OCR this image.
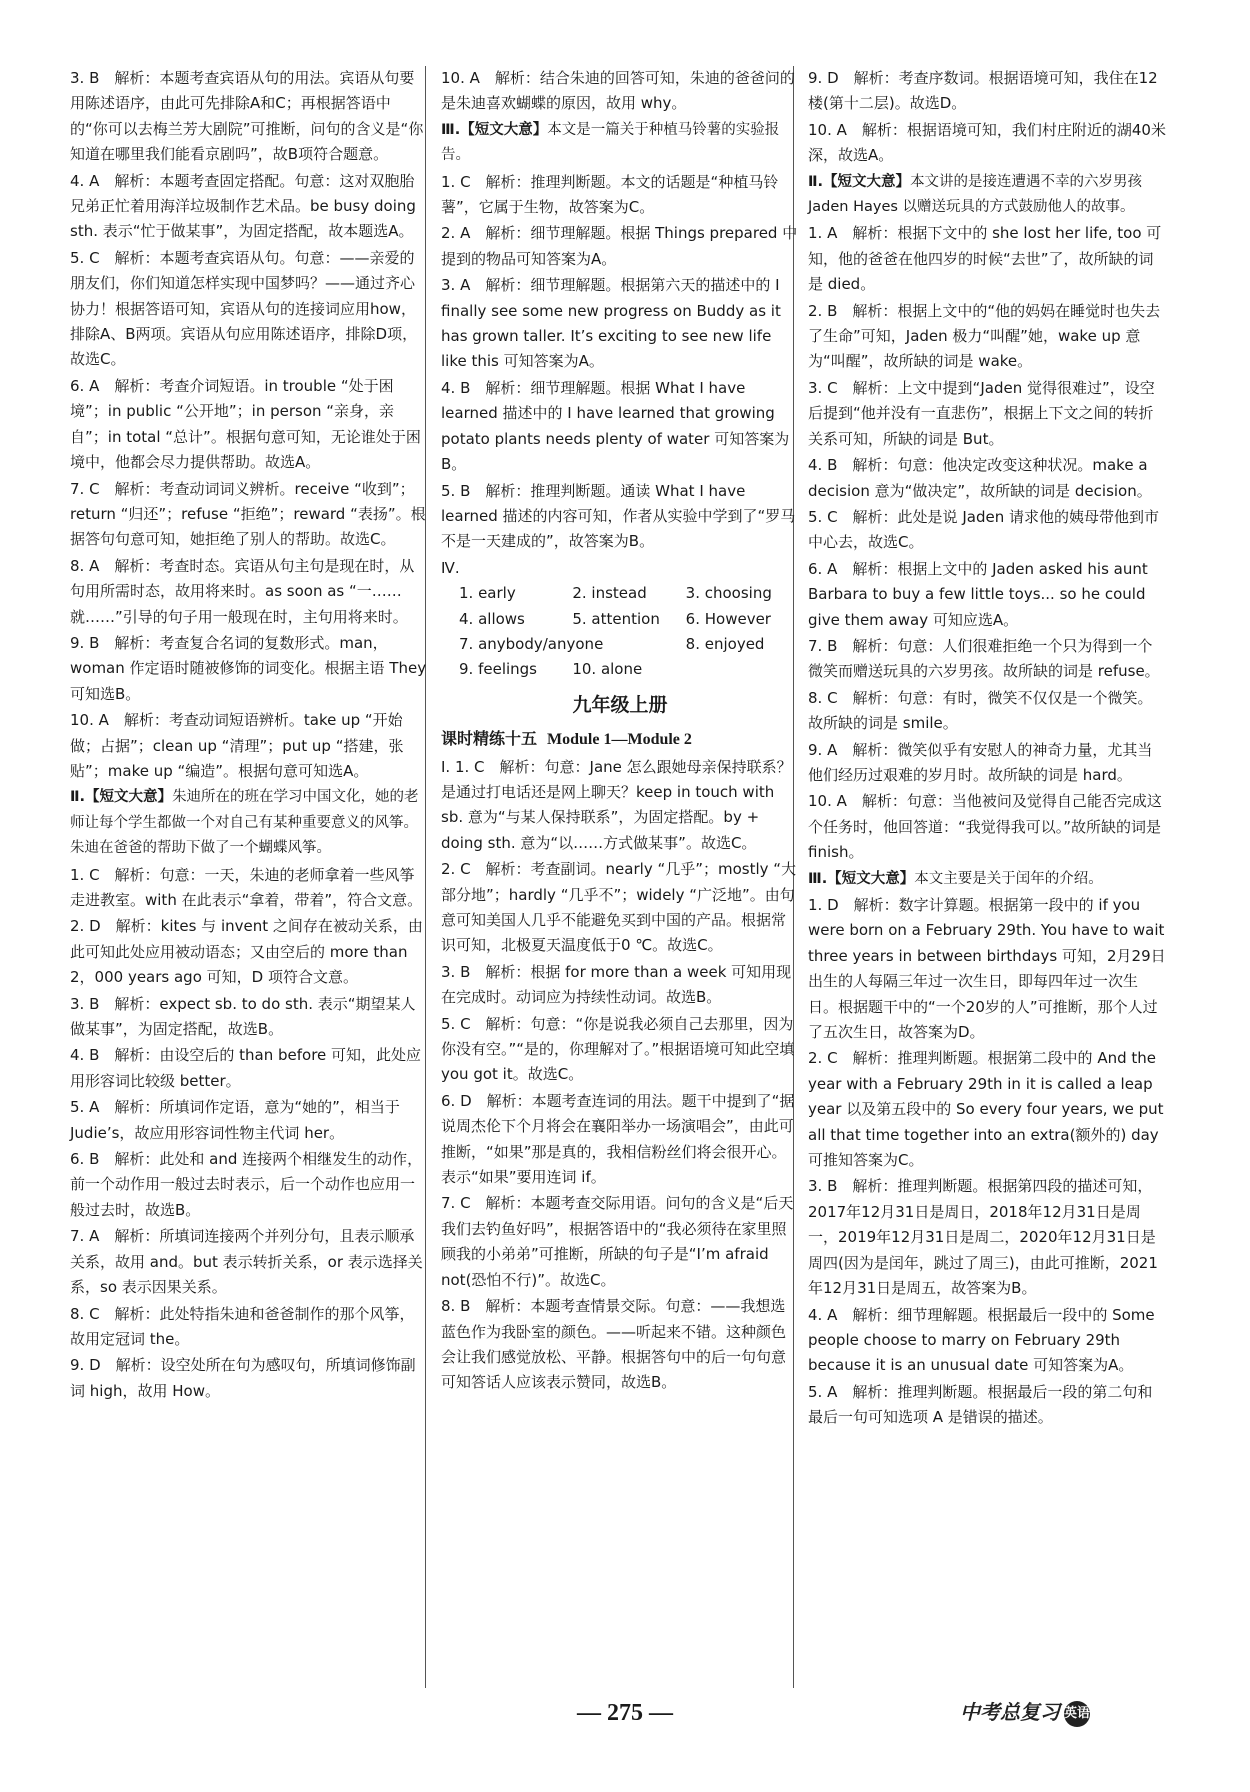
3. B　解析：本题考查宾语从句的用法。宾语从句要用陈述语序，由此可先排除A和C；再根据答语中的“你可以去梅兰芳大剧院”可推断，问句的含义是“你知道在哪里我们能看京剧吗”，故B项符合题意。
4. A　解析：本题考查固定搭配。句意：这对双胞胎兄弟正忙着用海洋垃圾制作艺术品。be busy doing sth. 表示“忙于做某事”，为固定搭配，故本题选A。
5. C　解析：本题考查宾语从句。句意：——亲爱的朋友们，你们知道怎样实现中国梦吗？——通过齐心协力！根据答语可知，宾语从句的连接词应用how，排除A、B两项。宾语从句应用陈述语序，排除D项，故选C。
6. A　解析：考查介词短语。in trouble “处于困境”；in public “公开地”；in person “亲身，亲自”；in total “总计”。根据句意可知，无论谁处于困境中，他都会尽力提供帮助。故选A。
7. C　解析：考查动词词义辨析。receive “收到”；return “归还”；refuse “拒绝”；reward “表扬”。根据答句句意可知，她拒绝了别人的帮助。故选C。
8. A　解析：考查时态。宾语从句主句是现在时，从句用所需时态，故用将来时。as soon as “一……就……”引导的句子用一般现在时，主句用将来时。
9. B　解析：考查复合名词的复数形式。man，woman 作定语时随被修饰的词变化。根据主语 They 可知选B。
10. A　解析：考查动词短语辨析。take up “开始做；占据”；clean up “清理”；put up “搭建，张贴”；make up “编造”。根据句意可知选A。
Ⅱ.【短文大意】朱迪所在的班在学习中国文化，她的老师让每个学生都做一个对自己有某种重要意义的风筝。朱迪在爸爸的帮助下做了一个蝴蝶风筝。
1. C　解析：句意：一天，朱迪的老师拿着一些风筝走进教室。with 在此表示“拿着，带着”，符合文意。
2. D　解析：kites 与 invent 之间存在被动关系，由此可知此处应用被动语态；又由空后的 more than 2，000 years ago 可知，D 项符合文意。
3. B　解析：expect sb. to do sth. 表示“期望某人做某事”，为固定搭配，故选B。
4. B　解析：由设空后的 than before 可知，此处应用形容词比较级 better。
5. A　解析：所填词作定语，意为“她的”，相当于 Judie’s，故应用形容词性物主代词 her。
6. B　解析：此处和 and 连接两个相继发生的动作，前一个动作用一般过去时表示，后一个动作也应用一般过去时，故选B。
7. A　解析：所填词连接两个并列分句，且表示顺承关系，故用 and。but 表示转折关系，or 表示选择关系，so 表示因果关系。
8. C　解析：此处特指朱迪和爸爸制作的那个风筝，故用定冠词 the。
9. D　解析：设空处所在句为感叹句，所填词修饰副词 high，故用 How。
10. A　解析：结合朱迪的回答可知，朱迪的爸爸问的是朱迪喜欢蝴蝶的原因，故用 why。
Ⅲ.【短文大意】本文是一篇关于种植马铃薯的实验报告。
1. C　解析：推理判断题。本文的话题是“种植马铃薯”，它属于生物，故答案为C。
2. A　解析：细节理解题。根据 Things prepared 中提到的物品可知答案为A。
3. A　解析：细节理解题。根据第六天的描述中的 I finally see some new progress on Buddy as it has grown taller. It’s exciting to see new life like this 可知答案为A。
4. B　解析：细节理解题。根据 What I have learned 描述中的 I have learned that growing potato plants needs plenty of water 可知答案为B。
5. B　解析：推理判断题。通读 What I have learned 描述的内容可知，作者从实验中学到了“罗马不是一天建成的”，故答案为B。
Ⅳ.
1. early	2. instead	3. choosing
4. allows	5. attention	6. However
7. anybody/anyone	8. enjoyed
9. feelings	10. alone
九年级上册
课时精练十五 Module 1—Module 2
Ⅰ. 1. C　解析：句意：Jane 怎么跟她母亲保持联系？是通过打电话还是网上聊天？keep in touch with sb. 意为“与某人保持联系”，为固定搭配。by + doing sth. 意为“以……方式做某事”。故选C。
2. C　解析：考查副词。nearly “几乎”；mostly “大部分地”；hardly “几乎不”；widely “广泛地”。由句意可知美国人几乎不能避免买到中国的产品。根据常识可知，北极夏天温度低于0 ℃。故选C。
3. B　解析：根据 for more than a week 可知用现在完成时。动词应为持续性动词。故选B。
5. C　解析：句意：“你是说我必须自己去那里，因为你没有空。”“是的，你理解对了。”根据语境可知此空填 you got it。故选C。
6. D　解析：本题考查连词的用法。题干中提到了“据说周杰伦下个月将会在襄阳举办一场演唱会”，由此可推断，“如果”那是真的，我相信粉丝们将会很开心。表示“如果”要用连词 if。
7. C　解析：本题考查交际用语。问句的含义是“后天我们去钓鱼好吗”，根据答语中的“我必须待在家里照顾我的小弟弟”可推断，所缺的句子是“I’m afraid not(恐怕不行)”。故选C。
8. B　解析：本题考查情景交际。句意：——我想选蓝色作为我卧室的颜色。——听起来不错。这种颜色会让我们感觉放松、平静。根据答句中的后一句句意可知答话人应该表示赞同，故选B。
9. D　解析：考查序数词。根据语境可知，我住在12楼(第十二层)。故选D。
10. A　解析：根据语境可知，我们村庄附近的湖40米深，故选A。
Ⅱ.【短文大意】本文讲的是接连遭遇不幸的六岁男孩 Jaden Hayes 以赠送玩具的方式鼓励他人的故事。
1. A　解析：根据下文中的 she lost her life, too 可知，他的爸爸在他四岁的时候“去世”了，故所缺的词是 died。
2. B　解析：根据上文中的“他的妈妈在睡觉时也失去了生命”可知，Jaden 极力“叫醒”她，wake up 意为“叫醒”，故所缺的词是 wake。
3. C　解析：上文中提到“Jaden 觉得很难过”，设空后提到“他并没有一直悲伤”，根据上下文之间的转折关系可知，所缺的词是 But。
4. B　解析：句意：他决定改变这种状况。make a decision 意为“做决定”，故所缺的词是 decision。
5. C　解析：此处是说 Jaden 请求他的姨母带他到市中心去，故选C。
6. A　解析：根据上文中的 Jaden asked his aunt Barbara to buy a few little toys... so he could give them away 可知应选A。
7. B　解析：句意：人们很难拒绝一个只为得到一个微笑而赠送玩具的六岁男孩。故所缺的词是 refuse。
8. C　解析：句意：有时，微笑不仅仅是一个微笑。故所缺的词是 smile。
9. A　解析：微笑似乎有安慰人的神奇力量，尤其当他们经历过艰难的岁月时。故所缺的词是 hard。
10. A　解析：句意：当他被问及觉得自己能否完成这个任务时，他回答道：“我觉得我可以。”故所缺的词是 finish。
Ⅲ.【短文大意】本文主要是关于闰年的介绍。
1. D　解析：数字计算题。根据第一段中的 if you were born on a February 29th. You have to wait three years in between birthdays 可知，2月29日出生的人每隔三年过一次生日，即每四年过一次生日。根据题干中的“一个20岁的人”可推断，那个人过了五次生日，故答案为D。
2. C　解析：推理判断题。根据第二段中的 And the year with a February 29th in it is called a leap year 以及第五段中的 So every four years, we put all that time together into an extra(额外的) day 可推知答案为C。
3. B　解析：推理判断题。根据第四段的描述可知，2017年12月31日是周日，2018年12月31日是周一，2019年12月31日是周二，2020年12月31日是周四(因为是闰年，跳过了周三)，由此可推断，2021年12月31日是周五，故答案为B。
4. A　解析：细节理解题。根据最后一段中的 Some people choose to marry on February 29th because it is an unusual date 可知答案为A。
5. A　解析：推理判断题。根据最后一段的第二句和最后一句可知选项 A 是错误的描述。
— 275 —	中考总复习 英语
